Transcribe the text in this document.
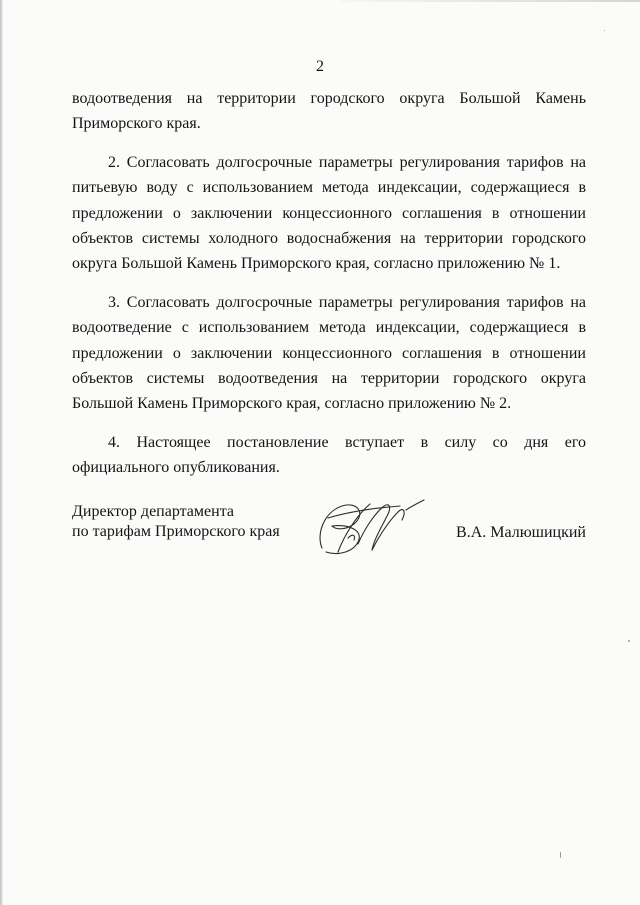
2

водоотведения на территории городского округа Большой Камень Приморского края.

2. Согласовать долгосрочные параметры регулирования тарифов на питьевую воду с использованием метода индексации, содержащиеся в предложении о заключении концессионного соглашения в отношении объектов системы холодного водоснабжения на территории городского округа Большой Камень Приморского края, согласно приложению № 1.

3. Согласовать долгосрочные параметры регулирования тарифов на водоотведение с использованием метода индексации, содержащиеся в предложении о заключении концессионного соглашения в отношении объектов системы водоотведения на территории городского округа Большой Камень Приморского края, согласно приложению № 2.

4. Настоящее постановление вступает в силу со дня его официального опубликования.

Директор департамента
по тарифам Приморского края	В.А. Малюшицкий
